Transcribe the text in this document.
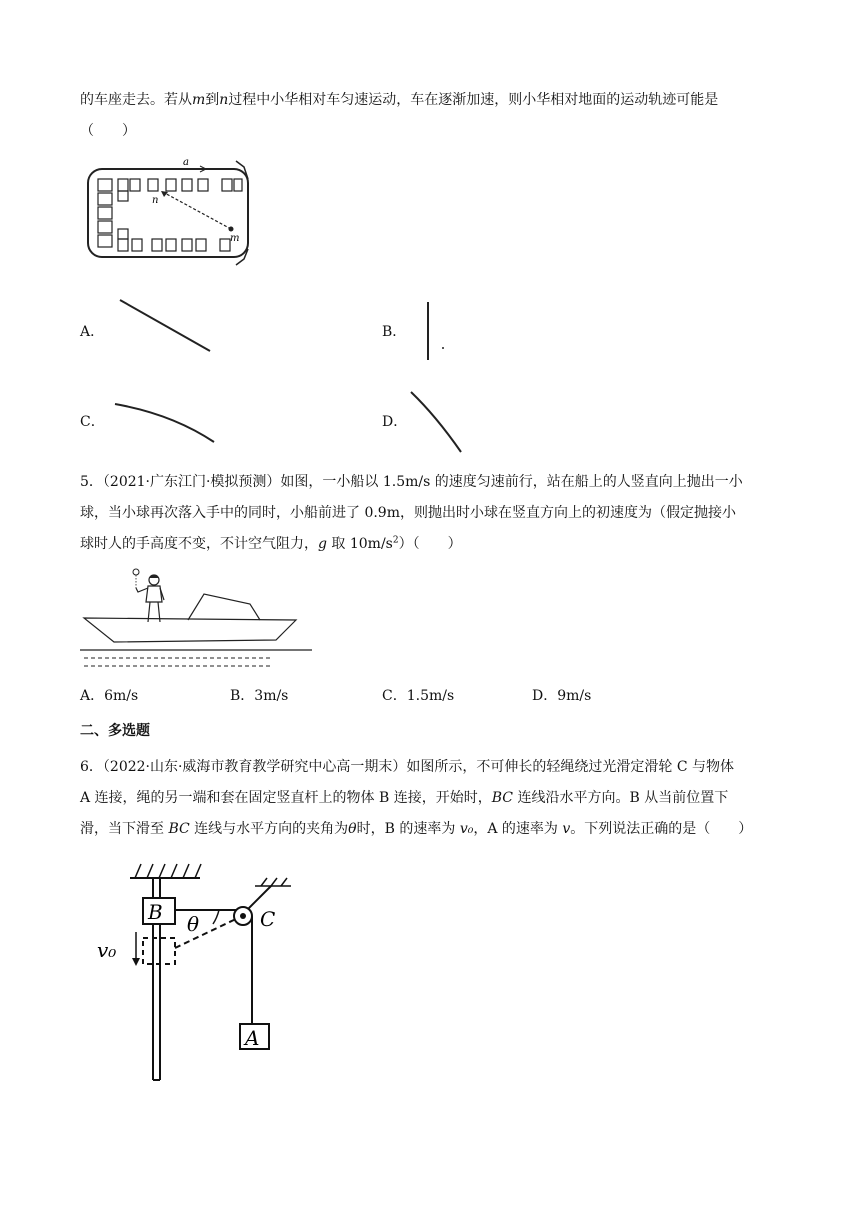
的车座走去。若从m到n过程中小华相对车匀速运动，车在逐渐加速，则小华相对地面的运动轨迹可能是
（　　）
a
n
m
A．	B．
C．	D．
5．（2021·广东江门·模拟预测）如图，一小船以 1.5m/s 的速度匀速前行，站在船上的人竖直向上抛出一小
球，当小球再次落入手中的同时，小船前进了 0.9m，则抛出时小球在竖直方向上的初速度为（假定抛接小
球时人的手高度不变，不计空气阻力，g 取 $10m/s^2$）（　　）
A．6m/s	B．3m/s	C．1.5m/s	D．9m/s
二、多选题
6．（2022·山东·威海市教育教学研究中心高一期末）如图所示，不可伸长的轻绳绕过光滑定滑轮 C 与物体
A 连接，绳的另一端和套在固定竖直杆上的物体 B 连接，开始时，BC 连线沿水平方向。B 从当前位置下
滑，当下滑至 BC 连线与水平方向的夹角为θ时，B 的速率为 v₀，A 的速率为 v。下列说法正确的是（　　）
B θ	C
A
v₀
